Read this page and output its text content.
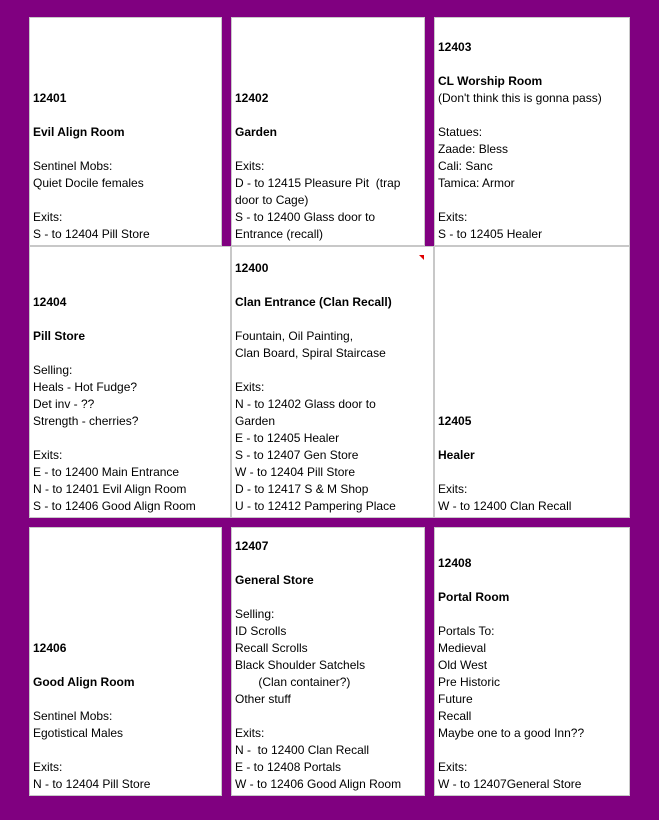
12401
Evil Align Room
Sentinel Mobs:
Quiet Docile females
Exits:
S - to 12404 Pill Store
12402
Garden
Exits:
D - to 12415 Pleasure Pit  (trap
door to Cage)
S - to 12400 Glass door to
Entrance (recall)
12403
CL Worship Room
(Don't think this is gonna pass)
Statues:
Zaade: Bless
Cali: Sanc
Tamica: Armor
Exits:
S - to 12405 Healer
12404
Pill Store
Selling:
Heals - Hot Fudge?
Det inv - ??
Strength - cherries?
Exits:
E - to 12400 Main Entrance
N - to 12401 Evil Align Room
S - to 12406 Good Align Room
12400
Clan Entrance (Clan Recall)
Fountain, Oil Painting,
Clan Board, Spiral Staircase
Exits:
N - to 12402 Glass door to
Garden
E - to 12405 Healer
S - to 12407 Gen Store
W - to 12404 Pill Store
D - to 12417 S & M Shop
U - to 12412 Pampering Place
12405
Healer
Exits:
W - to 12400 Clan Recall
12406
Good Align Room
Sentinel Mobs:
Egotistical Males
Exits:
N - to 12404 Pill Store
12407
General Store
Selling:
ID Scrolls
Recall Scrolls
Black Shoulder Satchels
(Clan container?)
Other stuff
Exits:
N -  to 12400 Clan Recall
E - to 12408 Portals
W - to 12406 Good Align Room
12408
Portal Room
Portals To:
Medieval
Old West
Pre Historic
Future
Recall
Maybe one to a good Inn??
Exits:
W - to 12407General Store
